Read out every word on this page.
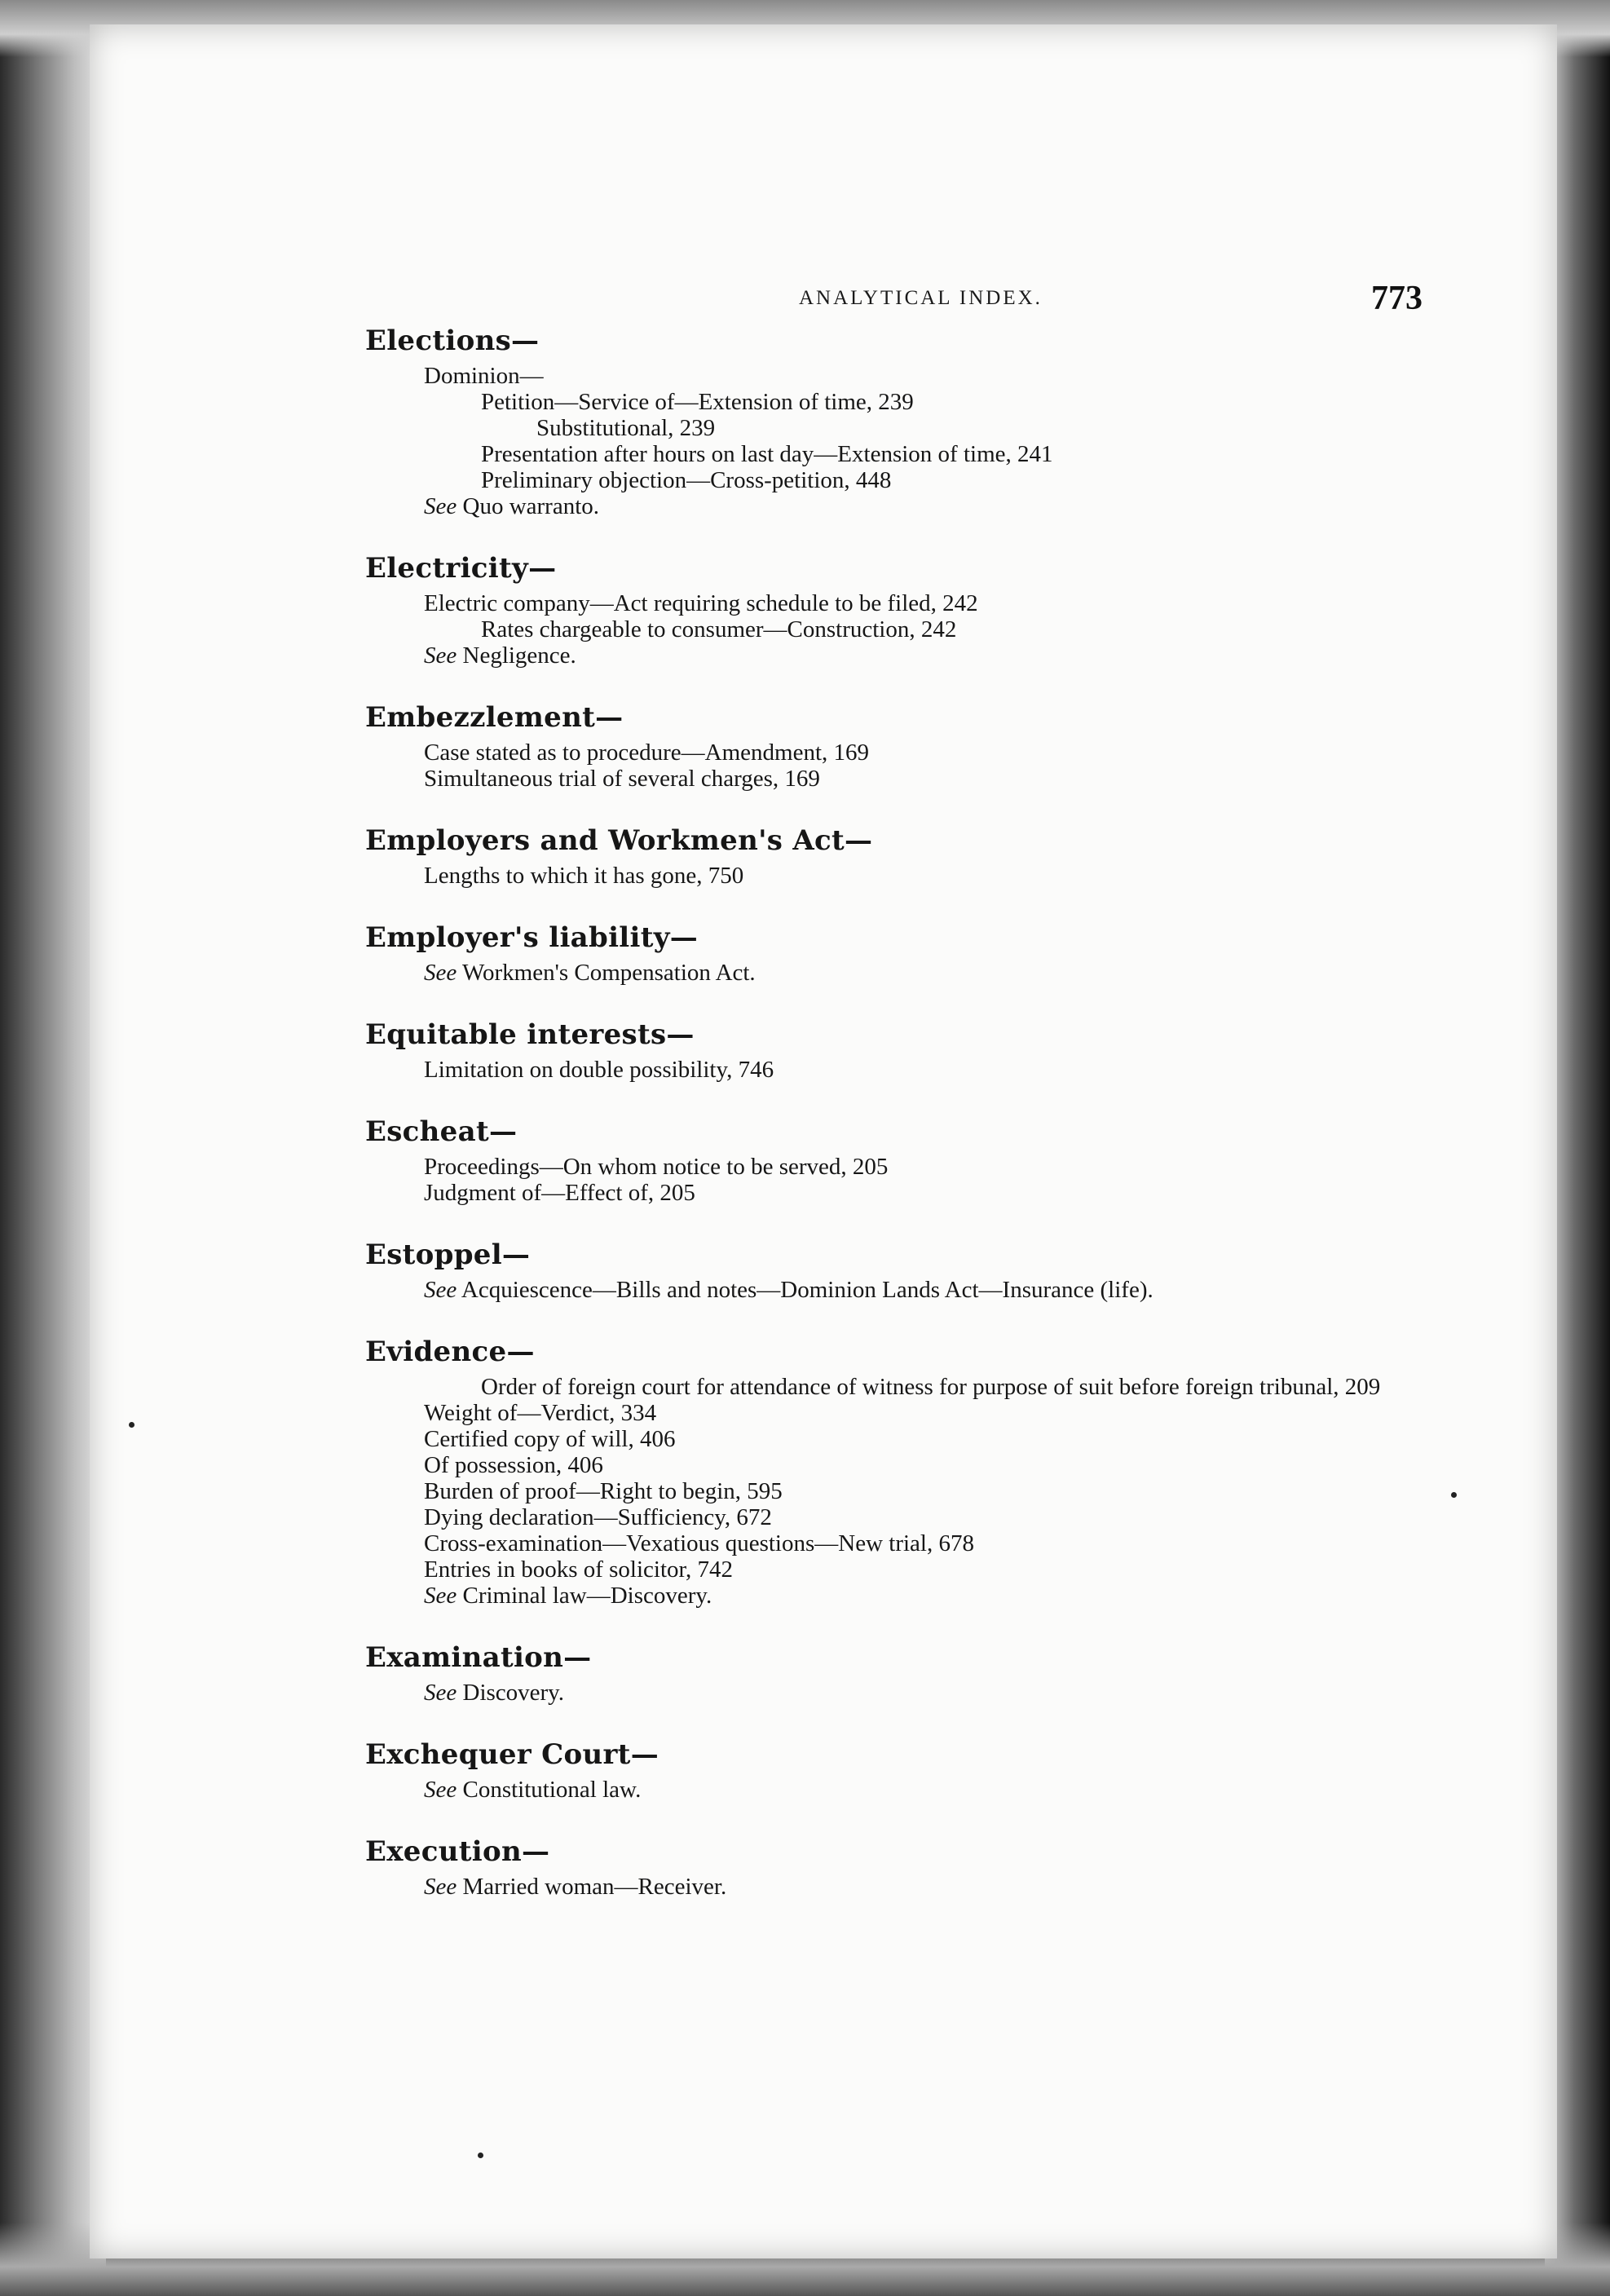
ANALYTICAL INDEX.	773
Elections—
Dominion—
Petition—Service of—Extension of time, 239
Substitutional, 239
Presentation after hours on last day—Extension of time, 241
Preliminary objection—Cross-petition, 448
See Quo warranto.
Electricity—
Electric company—Act requiring schedule to be filed, 242
Rates chargeable to consumer—Construction, 242
See Negligence.
Embezzlement—
Case stated as to procedure—Amendment, 169
Simultaneous trial of several charges, 169
Employers and Workmen's Act—
Lengths to which it has gone, 750
Employer's liability—
See Workmen's Compensation Act.
Equitable interests—
Limitation on double possibility, 746
Escheat—
Proceedings—On whom notice to be served, 205
Judgment of—Effect of, 205
Estoppel—
See Acquiescence—Bills and notes—Dominion Lands Act—Insurance (life).
Evidence—
Order of foreign court for attendance of witness for purpose of suit before foreign tribunal, 209
Weight of—Verdict, 334
Certified copy of will, 406
Of possession, 406
Burden of proof—Right to begin, 595
Dying declaration—Sufficiency, 672
Cross-examination—Vexatious questions—New trial, 678
Entries in books of solicitor, 742
See Criminal law—Discovery.
Examination—
See Discovery.
Exchequer Court—
See Constitutional law.
Execution—
See Married woman—Receiver.
